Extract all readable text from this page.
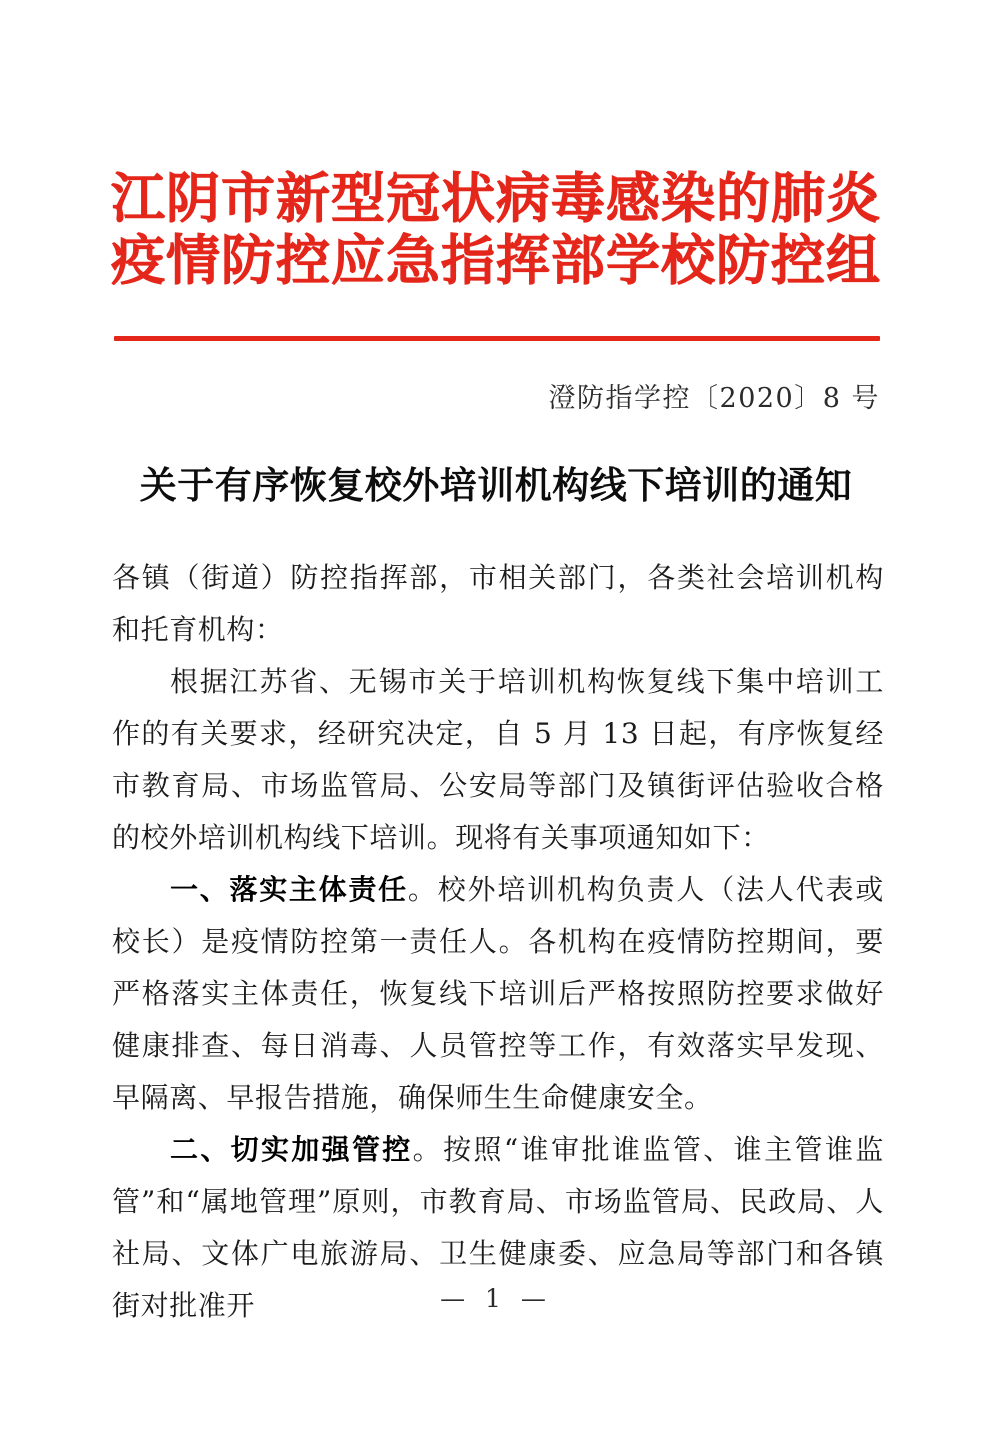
江阴市新型冠状病毒感染的肺炎
疫情防控应急指挥部学校防控组
澄防指学控〔2020〕8 号
关于有序恢复校外培训机构线下培训的通知

各镇（街道）防控指挥部，市相关部门，各类社会培训机构和托育机构：

根据江苏省、无锡市关于培训机构恢复线下集中培训工作的有关要求，经研究决定，自 5 月 13 日起，有序恢复经市教育局、市场监管局、公安局等部门及镇街评估验收合格的校外培训机构线下培训。现将有关事项通知如下：

一、落实主体责任。校外培训机构负责人（法人代表或校长）是疫情防控第一责任人。各机构在疫情防控期间，要严格落实主体责任，恢复线下培训后严格按照防控要求做好健康排查、每日消毒、人员管控等工作，有效落实早发现、早隔离、早报告措施，确保师生生命健康安全。

二、切实加强管控。按照“谁审批谁监管、谁主管谁监管”和“属地管理”原则，市教育局、市场监管局、民政局、人社局、文体广电旅游局、卫生健康委、应急局等部门和各镇街对批准开	— 1 —
